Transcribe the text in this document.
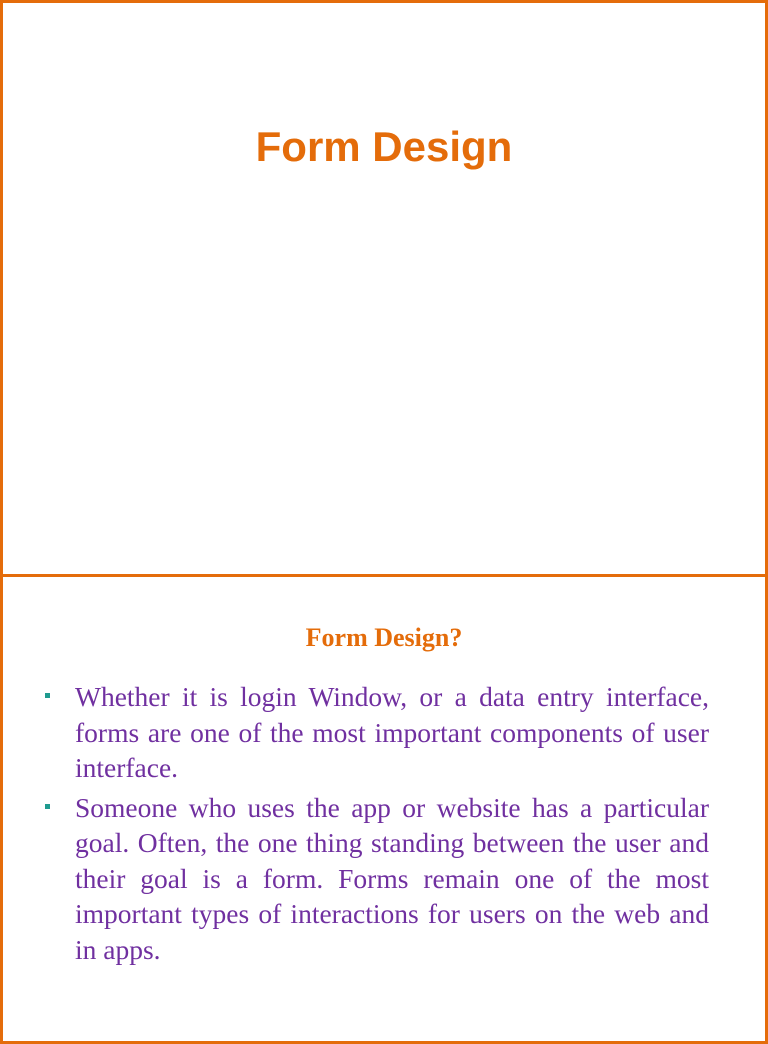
Form Design
Form Design?
Whether it is login Window, or a data entry interface, forms are one of the most important components of user interface.
Someone who uses the app or website has a particular goal. Often, the one thing standing between the user and their goal is a form. Forms remain one of the most important types of interactions for users on the web and in apps.
